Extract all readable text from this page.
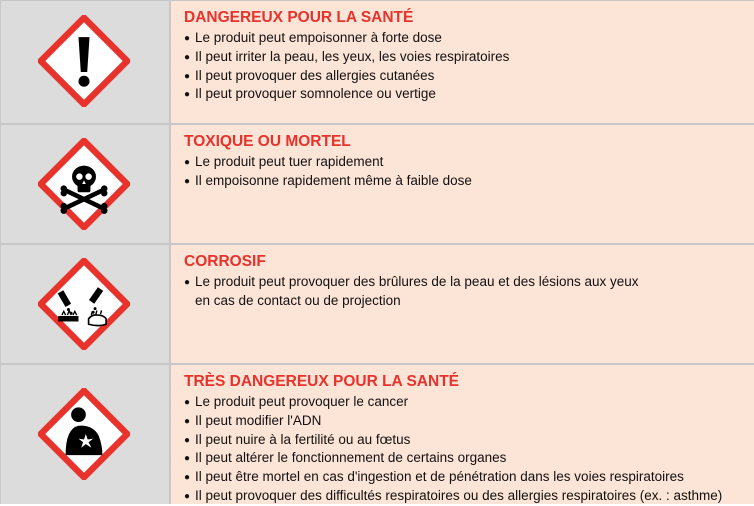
DANGEREUX POUR LA SANTÉ
● Le produit peut empoisonner à forte dose
● Il peut irriter la peau, les yeux, les voies respiratoires
● Il peut provoquer des allergies cutanées
● Il peut provoquer somnolence ou vertige
TOXIQUE OU MORTEL
● Le produit peut tuer rapidement
● Il empoisonne rapidement même à faible dose
CORROSIF
● Le produit peut provoquer des brûlures de la peau et des lésions aux yeux
en cas de contact ou de projection
TRÈS DANGEREUX POUR LA SANTÉ
● Le produit peut provoquer le cancer
● Il peut modifier l'ADN
● Il peut nuire à la fertilité ou au fœtus
● Il peut altérer le fonctionnement de certains organes
● Il peut être mortel en cas d'ingestion et de pénétration dans les voies respiratoires
● Il peut provoquer des difficultés respiratoires ou des allergies respiratoires (ex. : asthme)
